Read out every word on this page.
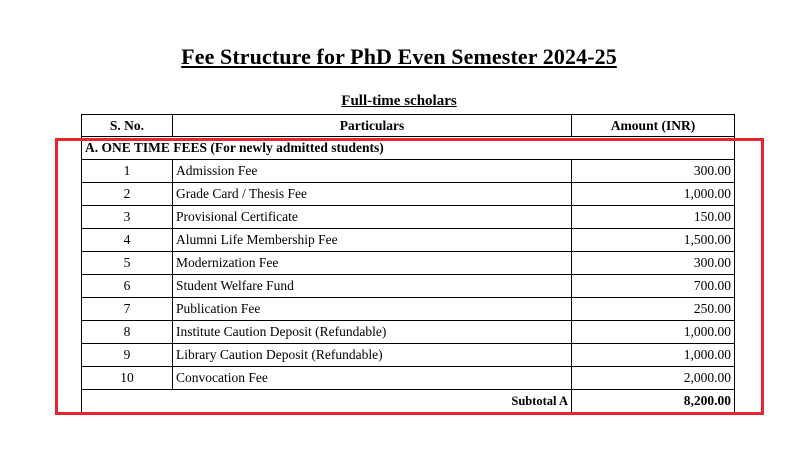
Fee Structure for PhD Even Semester 2024-25
Full-time scholars
S. No.	Particulars	Amount (INR)
A. ONE TIME FEES (For newly admitted students)		
1	Admission Fee	300.00
2	Grade Card / Thesis Fee	1,000.00
3	Provisional Certificate	150.00
4	Alumni Life Membership Fee	1,500.00
5	Modernization Fee	300.00
6	Student Welfare Fund	700.00
7	Publication Fee	250.00
8	Institute Caution Deposit (Refundable)	1,000.00
9	Library Caution Deposit (Refundable)	1,000.00
10	Convocation Fee	2,000.00
Subtotal A		8,200.00
